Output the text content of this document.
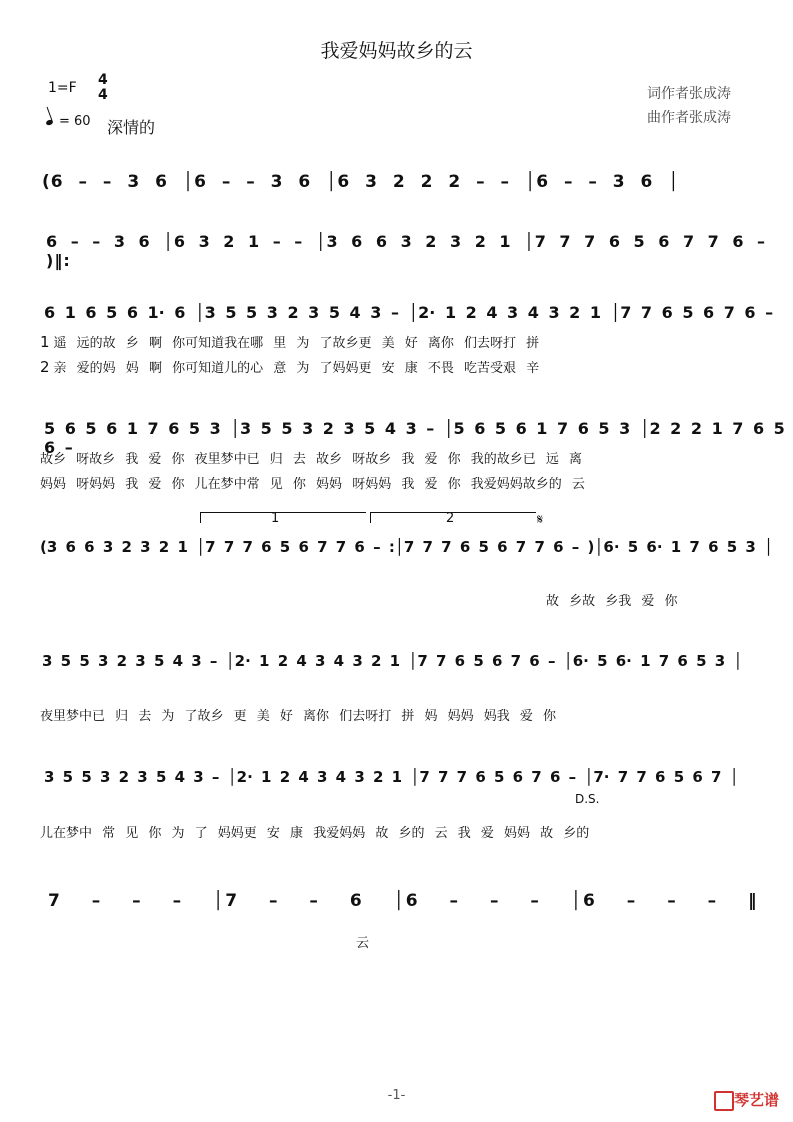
我爱妈妈故乡的云
1=F 4
4
= 60 深情的
词作者张成涛
曲作者张成涛
(6 – – 3 6 │6 – – 3 6 │6 3 2 2 2 – – │6 – – 3 6 │
6 – – 3 6 │6 3 2 1 – – │3 6 6 3 2 3 2 1 │7 7 7 6 5 6 7 7 6 – )‖:
6 1 6 5 6 1· 6 │3 5 5 3 2 3 5 4 3 – │2· 1 2 4 3 4 3 2 1 │7 7 6 5 6 7 6 –
1 遥 远的故 乡 啊 你可知道我在哪 里 为 了故乡更 美 好 离你 们去呀打 拼
2 亲 爱的妈 妈 啊 你可知道儿的心 意 为 了妈妈更 安 康 不畏 吃苦受艰 辛
5 6 5 6 1 7 6 5 3 │3 5 5 3 2 3 5 4 3 – │5 6 5 6 1 7 6 5 3 │2 2 2 1 7 6 5 6 –
故乡 呀故乡 我 爱 你 夜里梦中已 归 去 故乡 呀故乡 我 爱 你 我的故乡已 远 离
妈妈 呀妈妈 我 爱 你 儿在梦中常 见 你 妈妈 呀妈妈 我 爱 你 我爱妈妈故乡的 云
1	2	𝄋
(3 6 6 3 2 3 2 1 │7 7 7 6 5 6 7 7 6 – :│7 7 7 6 5 6 7 7 6 – )│6· 5 6· 1 7 6 5 3 │
故 乡故 乡我 爱 你
3 5 5 3 2 3 5 4 3 – │2· 1 2 4 3 4 3 2 1 │7 7 6 5 6 7 6 – │6· 5 6· 1 7 6 5 3 │
夜里梦中已 归 去 为 了故乡 更 美 好 离你 们去呀打 拼 妈 妈妈 妈我 爱 你
3 5 5 3 2 3 5 4 3 – │2· 1 2 4 3 4 3 2 1 │7 7 7 6 5 6 7 6 – │7· 7 7 6 5 6 7 │
D.S.
儿在梦中 常 见 你 为 了 妈妈更 安 康 我爱妈妈 故 乡的 云 我 爱 妈妈 故 乡的
7 – – – │7 – – 6 │6 – – – │6 – – – ‖
云
-1-	琴艺谱
